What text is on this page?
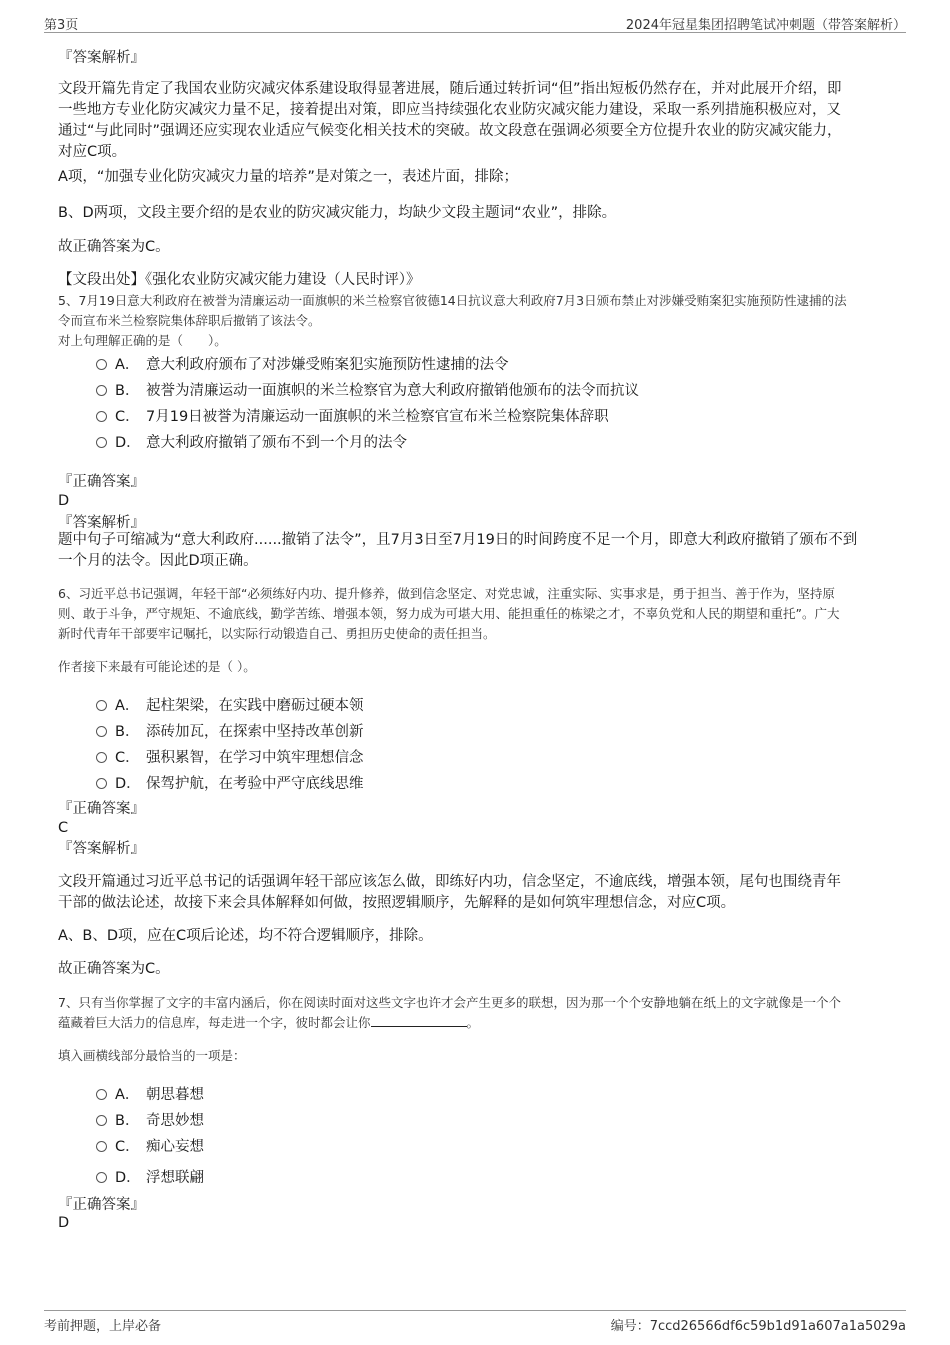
第3页	2024年冠星集团招聘笔试冲刺题（带答案解析）
『答案解析』
文段开篇先肯定了我国农业防灾减灾体系建设取得显著进展，随后通过转折词“但”指出短板仍然存在，并对此展开介绍，即
一些地方专业化防灾减灾力量不足，接着提出对策，即应当持续强化农业防灾减灾能力建设，采取一系列措施积极应对，又
通过“与此同时”强调还应实现农业适应气候变化相关技术的突破。故文段意在强调必须要全方位提升农业的防灾减灾能力，
对应C项。
A项，“加强专业化防灾减灾力量的培养”是对策之一，表述片面，排除；
B、D两项，文段主要介绍的是农业的防灾减灾能力，均缺少文段主题词“农业”，排除。
故正确答案为C。
【文段出处】《强化农业防灾减灾能力建设（人民时评）》
5、7月19日意大利政府在被誉为清廉运动一面旗帜的米兰检察官彼德14日抗议意大利政府7月3日颁布禁止对涉嫌受贿案犯实施预防性逮捕的法
令而宣布米兰检察院集体辞职后撤销了该法令。
对上句理解正确的是（　　）。
A． 意大利政府颁布了对涉嫌受贿案犯实施预防性逮捕的法令
B． 被誉为清廉运动一面旗帜的米兰检察官为意大利政府撤销他颁布的法令而抗议
C． 7月19日被誉为清廉运动一面旗帜的米兰检察官宣布米兰检察院集体辞职
D． 意大利政府撤销了颁布不到一个月的法令
『正确答案』
D
『答案解析』
题中句子可缩减为“意大利政府......撤销了法令”，且7月3日至7月19日的时间跨度不足一个月，即意大利政府撤销了颁布不到
一个月的法令。因此D项正确。
6、习近平总书记强调，年轻干部“必须练好内功、提升修养，做到信念坚定、对党忠诚，注重实际、实事求是，勇于担当、善于作为，坚持原
则、敢于斗争，严守规矩、不逾底线，勤学苦练、增强本领，努力成为可堪大用、能担重任的栋梁之才，不辜负党和人民的期望和重托”。广大
新时代青年干部要牢记嘱托，以实际行动锻造自己、勇担历史使命的责任担当。
作者接下来最有可能论述的是（ ）。
A． 起柱架梁，在实践中磨砺过硬本领
B． 添砖加瓦，在探索中坚持改革创新
C． 强积累智，在学习中筑牢理想信念
D． 保驾护航，在考验中严守底线思维
『正确答案』
C
『答案解析』
文段开篇通过习近平总书记的话强调年轻干部应该怎么做，即练好内功，信念坚定，不逾底线，增强本领，尾句也围绕青年
干部的做法论述，故接下来会具体解释如何做，按照逻辑顺序，先解释的是如何筑牢理想信念，对应C项。
A、B、D项，应在C项后论述，均不符合逻辑顺序，排除。
故正确答案为C。
7、只有当你掌握了文字的丰富内涵后，你在阅读时面对这些文字也许才会产生更多的联想，因为那一个个安静地躺在纸上的文字就像是一个个
蕴藏着巨大活力的信息库，每走进一个字，彼时都会让你	。
填入画横线部分最恰当的一项是：
A． 朝思暮想
B． 奇思妙想
C． 痴心妄想
D． 浮想联翩
『正确答案』
D
考前押题，上岸必备	编号：7ccd26566df6c59b1d91a607a1a5029a
